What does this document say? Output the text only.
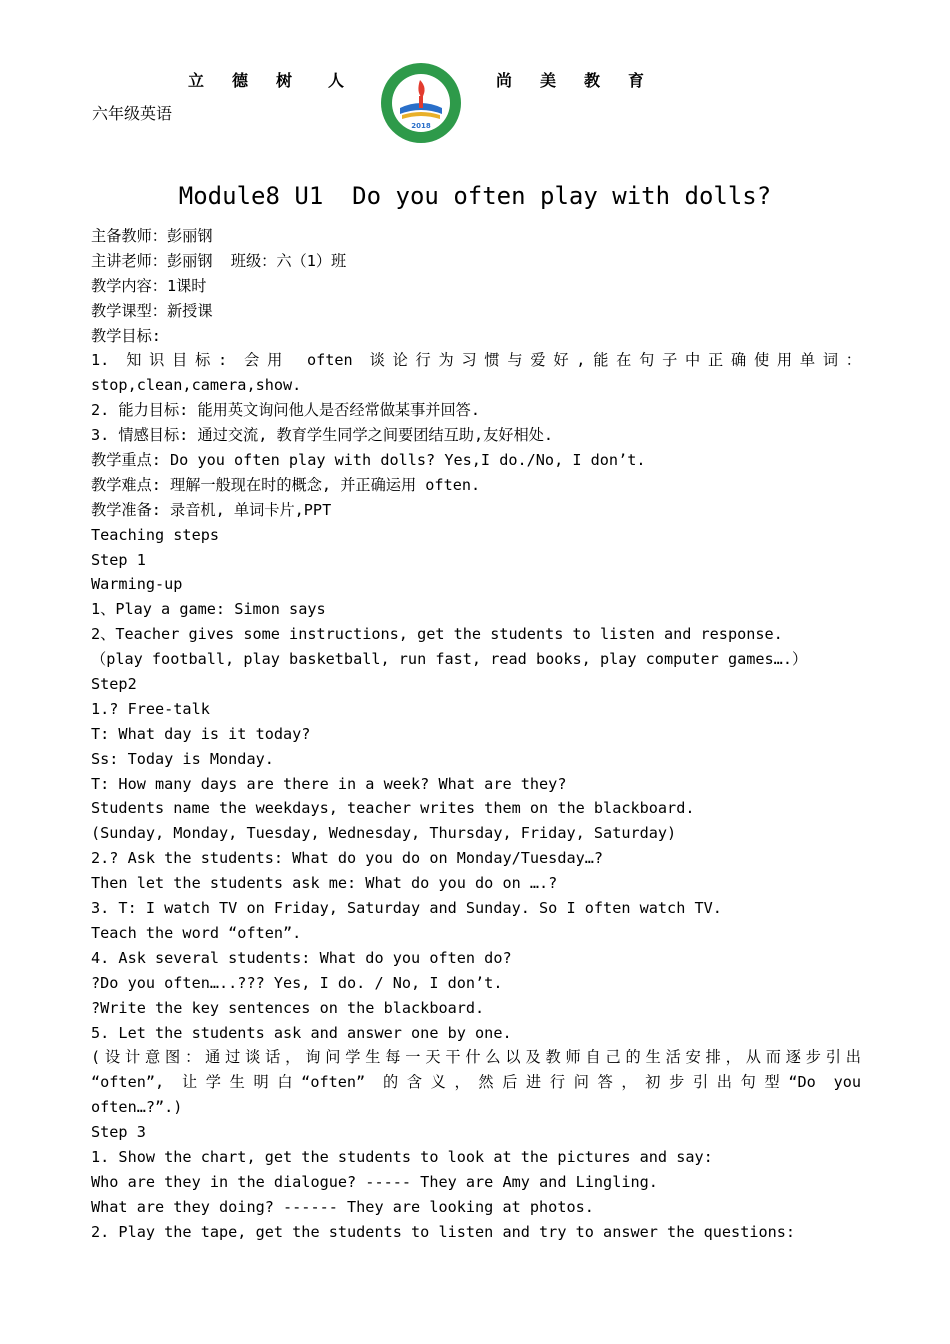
立 德 树 人	尚 美 教 育
六年级英语
2018
Module8 U1  Do you often play with dolls?
主备教师：彭丽钢
主讲老师：彭丽钢  班级：六（1）班
教学内容：1课时
教学课型：新授课
教学目标:
1. 知识目标: 会用 often 谈论行为习惯与爱好,能在句子中正确使用单词：
stop,clean,camera,show.
2. 能力目标: 能用英文询问他人是否经常做某事并回答.
3. 情感目标: 通过交流, 教育学生同学之间要团结互助,友好相处.
教学重点: Do you often play with dolls? Yes,I do./No, I don’t.
教学难点: 理解一般现在时的概念, 并正确运用 often.
教学准备: 录音机, 单词卡片,PPT
Teaching steps
Step 1
Warming-up
1、Play a game: Simon says
2、Teacher gives some instructions, get the students to listen and response.
（play football, play basketball, run fast, read books, play computer games….）
Step2
1.? Free-talk
T: What day is it today?
Ss: Today is Monday.
T: How many days are there in a week? What are they?
Students name the weekdays, teacher writes them on the blackboard.
(Sunday, Monday, Tuesday, Wednesday, Thursday, Friday, Saturday)
2.? Ask the students: What do you do on Monday/Tuesday…?
Then let the students ask me: What do you do on ….?
3. T: I watch TV on Friday, Saturday and Sunday. So I often watch TV.
Teach the word “often”.
4. Ask several students: What do you often do?
?Do you often…..??? Yes, I do. / No, I don’t.
?Write the key sentences on the blackboard.
5. Let the students ask and answer one by one.
(设计意图：通过谈话，询问学生每一天干什么以及教师自己的生活安排，从而逐步引出
“often”, 让学生明白“often” 的含义，然后进行问答，初步引出句型“Do you
often…?”.)
Step 3
1. Show the chart, get the students to look at the pictures and say:
Who are they in the dialogue? ----- They are Amy and Lingling.
What are they doing? ------ They are looking at photos.
2. Play the tape, get the students to listen and try to answer the questions:
